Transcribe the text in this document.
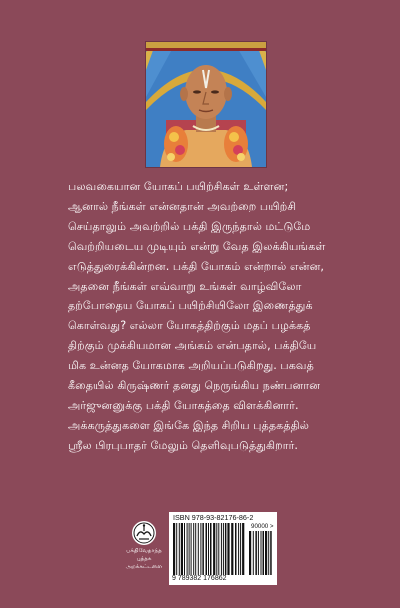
பலவகையான யோகப் பயிற்சிகள் உள்ளன;
ஆனால் நீங்கள் என்னதான் அவற்றை பயிற்சி
செய்தாலும் அவற்றில் பக்தி இருந்தால் மட்டுமே
வெற்றியடைய முடியும் என்று வேத இலக்கியங்கள்
எடுத்துரைக்கின்றன. பக்தி யோகம் என்றால் என்ன,
அதனை நீங்கள் எவ்வாறு உங்கள் வாழ்விலோ
தற்போதைய யோகப் பயிற்சியிலோ இணைத்துக்
கொள்வது? எல்லா யோகத்திற்கும் மதப் பழக்கத்
திற்கும் முக்கியமான அங்கம் என்பதால், பக்தியே
மிக உன்னத யோகமாக அறியப்படுகிறது. பகவத்
கீதையில் கிருஷ்ணர் தனது நெருங்கிய நண்பனான
அர்ஜுனனுக்கு பக்தி யோகத்தை விளக்கினார்.
அக்கருத்துகளை இங்கே இந்த சிறிய புத்தகத்தில்
ஸ்ரீல பிரபுபாதர் மேலும் தெளிவுபடுத்துகிறார்.
பக்திவேதாந்த
புத்தக
அறக்கட்டளை
ISBN 978-93-82176-86-2
90000 >
9 789382 176862
